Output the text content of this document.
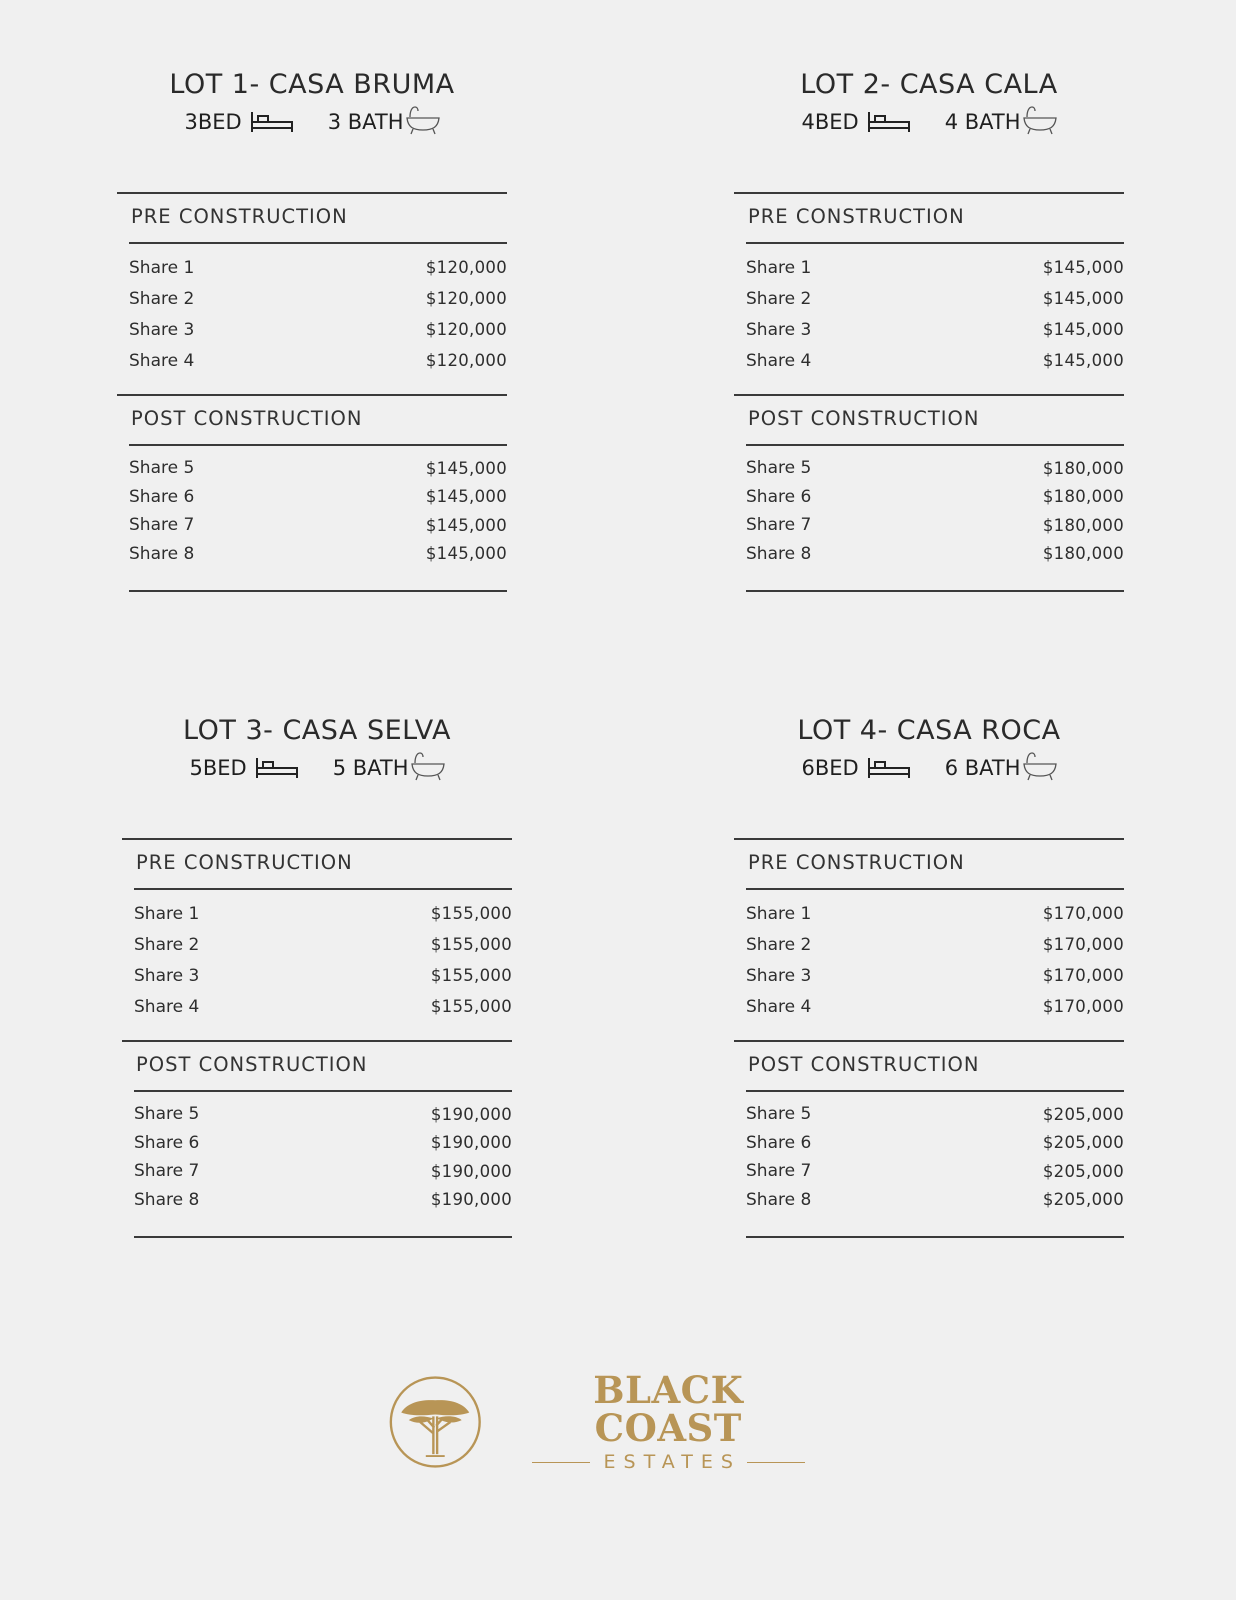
LOT 1- CASA BRUMA
3BED	3 BATH
PRE CONSTRUCTION
Share 1	$120,000
Share 2	$120,000
Share 3	$120,000
Share 4	$120,000
POST CONSTRUCTION
Share 5	$145,000
Share 6	$145,000
Share 7	$145,000
Share 8	$145,000
LOT 2- CASA CALA
4BED	4 BATH
PRE CONSTRUCTION
Share 1	$145,000
Share 2	$145,000
Share 3	$145,000
Share 4	$145,000
POST CONSTRUCTION
Share 5	$180,000
Share 6	$180,000
Share 7	$180,000
Share 8	$180,000
LOT 3- CASA SELVA
5BED	5 BATH
PRE CONSTRUCTION
Share 1	$155,000
Share 2	$155,000
Share 3	$155,000
Share 4	$155,000
POST CONSTRUCTION
Share 5	$190,000
Share 6	$190,000
Share 7	$190,000
Share 8	$190,000
LOT 4- CASA ROCA
6BED	6 BATH
PRE CONSTRUCTION
Share 1	$170,000
Share 2	$170,000
Share 3	$170,000
Share 4	$170,000
POST CONSTRUCTION
Share 5	$205,000
Share 6	$205,000
Share 7	$205,000
Share 8	$205,000
BLACK COAST
ESTATES
